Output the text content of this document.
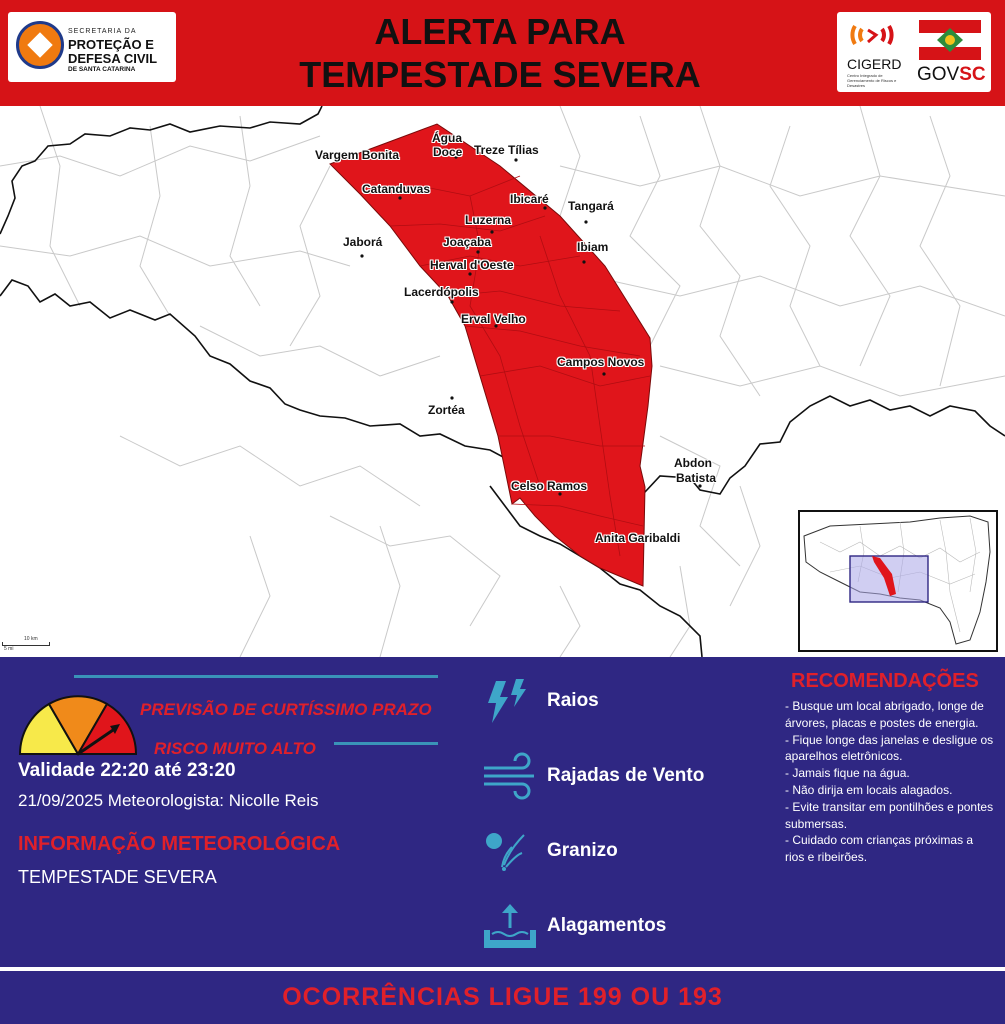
SECRETARIA DA
PROTEÇÃO E
DEFESA CIVIL
DE SANTA CATARINA
ALERTA PARA
TEMPESTADE SEVERA	CIGERD
Centro Integrado de Gerenciamento de Riscos e Desastres
GOVSC
Água
Doce Treze Tílias
Vargem Bonita
Catanduvas
Ibicaré Tangará
Luzerna
Jaborá	Joaçaba	Ibiam
Herval d'Oeste
Lacerdópolis
Erval Velho
Campos Novos
Zortéa
Abdon
Batista
Celso Ramos
Anita Garibaldi
10 km
5 mi
PREVISÃO DE CURTÍSSIMO PRAZO
RISCO MUITO ALTO
Validade 22:20 até 23:20
21/09/2025 Meteorologista: Nicolle Reis
INFORMAÇÃO METEOROLÓGICA
TEMPESTADE SEVERA
Raios
Rajadas de Vento
Granizo
Alagamentos
RECOMENDAÇÕES
- Busque um local abrigado, longe de árvores, placas e postes de energia.
- Fique longe das janelas e desligue os aparelhos eletrônicos.
- Jamais fique na água.
- Não dirija em locais alagados.
- Evite transitar em pontilhões e pontes submersas.
- Cuidado com crianças próximas a rios e ribeirões.
OCORRÊNCIAS LIGUE 199 OU 193
